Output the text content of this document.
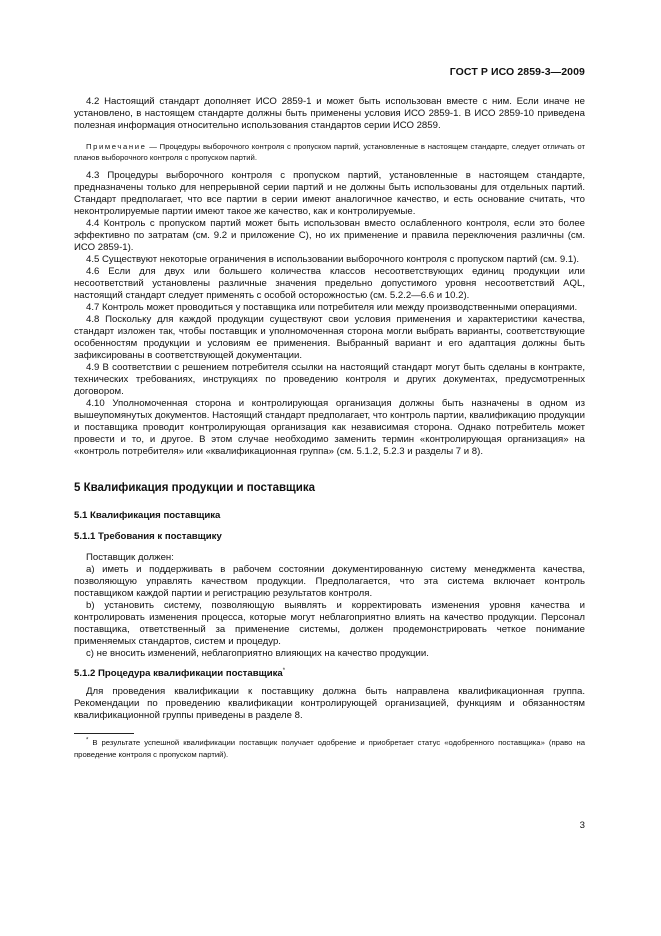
ГОСТ Р ИСО 2859-3—2009

4.2 Настоящий стандарт дополняет ИСО 2859-1 и может быть использован вместе с ним. Если иначе не установлено, в настоящем стандарте должны быть применены условия ИСО 2859-1. В ИСО 2859-10 приведена полезная информация относительно использования стандартов серии ИСО 2859.

Примечание — Процедуры выборочного контроля с пропуском партий, установленные в настоящем стандарте, следует отличать от планов выборочного контроля с пропуском партий.

4.3 Процедуры выборочного контроля с пропуском партий, установленные в настоящем стандарте, предназначены только для непрерывной серии партий и не должны быть использованы для отдельных партий. Стандарт предполагает, что все партии в серии имеют аналогичное качество, и есть основание считать, что неконтролируемые партии имеют такое же качество, как и контролируемые.

4.4 Контроль с пропуском партий может быть использован вместо ослабленного контроля, если это более эффективно по затратам (см. 9.2 и приложение С), но их применение и правила переключения различны (см. ИСО 2859-1).

4.5 Существуют некоторые ограничения в использовании выборочного контроля с пропуском партий (см. 9.1).

4.6 Если для двух или большего количества классов несоответствующих единиц продукции или несоответствий установлены различные значения предельно допустимого уровня несоответствий AQL, настоящий стандарт следует применять с особой осторожностью (см. 5.2.2—6.6 и 10.2).

4.7 Контроль может проводиться у поставщика или потребителя или между производственными операциями.

4.8 Поскольку для каждой продукции существуют свои условия применения и характеристики качества, стандарт изложен так, чтобы поставщик и уполномоченная сторона могли выбрать варианты, соответствующие особенностям продукции и условиям ее применения. Выбранный вариант и его адаптация должны быть зафиксированы в соответствующей документации.

4.9 В соответствии с решением потребителя ссылки на настоящий стандарт могут быть сделаны в контракте, технических требованиях, инструкциях по проведению контроля и других документах, предусмотренных договором.

4.10 Уполномоченная сторона и контролирующая организация должны быть назначены в одном из вышеупомянутых документов. Настоящий стандарт предполагает, что контроль партии, квалификацию продукции и поставщика проводит контролирующая организация как независимая сторона. Однако потребитель может провести и то, и другое. В этом случае необходимо заменить термин «контролирующая организация» на «контроль потребителя» или «квалификационная группа» (см. 5.1.2, 5.2.3 и разделы 7 и 8).

5 Квалификация продукции и поставщика
5.1 Квалификация поставщика
5.1.1 Требования к поставщику

Поставщик должен:

а) иметь и поддерживать в рабочем состоянии документированную систему менеджмента качества, позволяющую управлять качеством продукции. Предполагается, что эта система включает контроль поставщиком каждой партии и регистрацию результатов контроля.

b) установить систему, позволяющую выявлять и корректировать изменения уровня качества и контролировать изменения процесса, которые могут неблагоприятно влиять на качество продукции. Персонал поставщика, ответственный за применение системы, должен продемонстрировать четкое понимание применяемых стандартов, систем и процедур.

с) не вносить изменений, неблагоприятно влияющих на качество продукции.

5.1.2 Процедура квалификации поставщика*

Для проведения квалификации к поставщику должна быть направлена квалификационная группа. Рекомендации по проведению квалификации контролирующей организацией, функциям и обязанностям квалификационной группы приведены в разделе 8.

* В результате успешной квалификации поставщик получает одобрение и приобретает статус «одобренного поставщика» (право на проведение контроля с пропуском партий).

3
